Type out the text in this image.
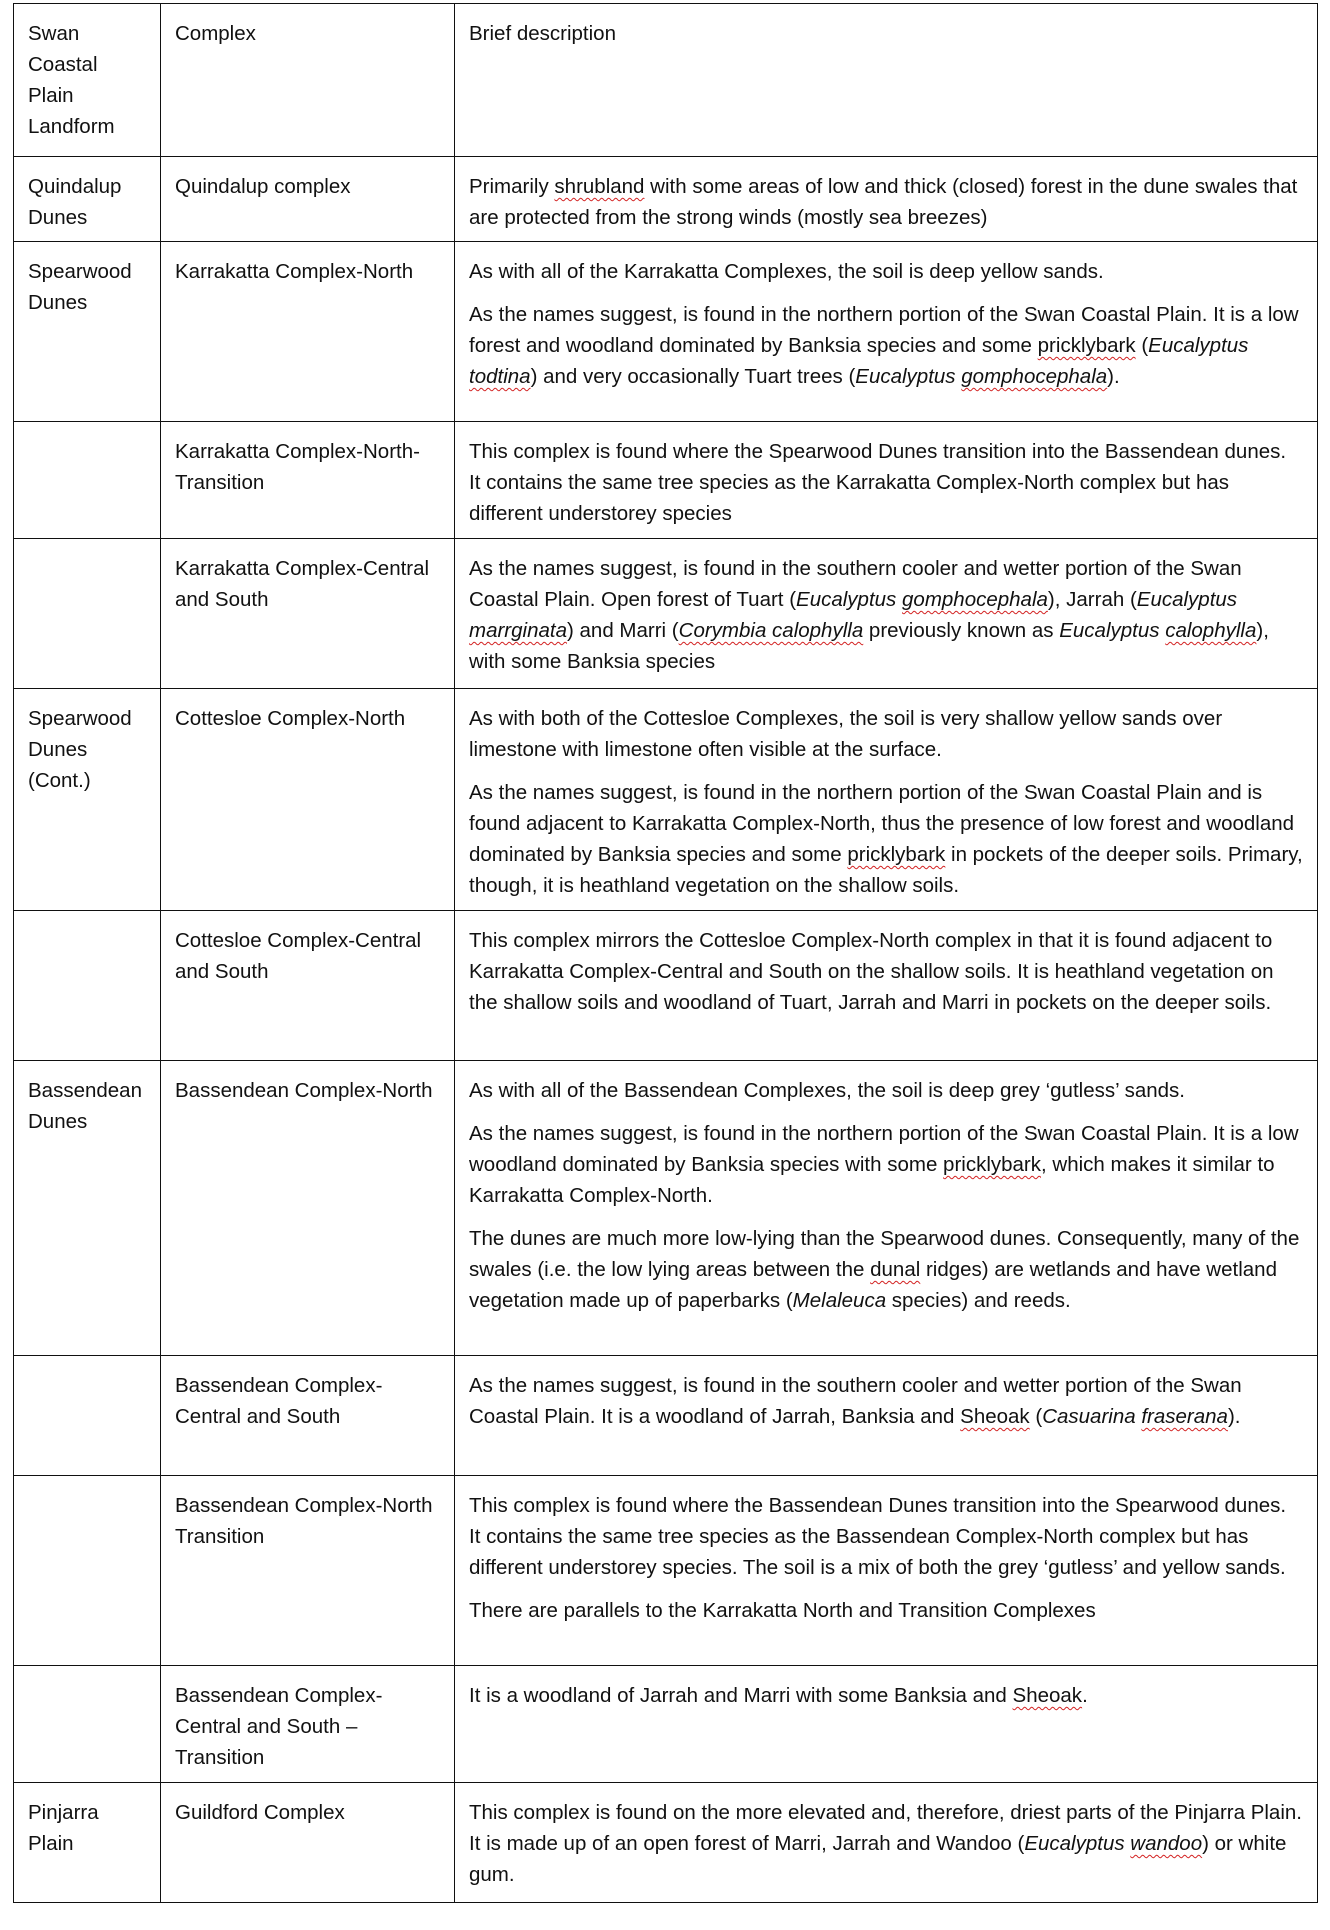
Swan Coastal Plain Landform	Complex	Brief description
Quindalup Dunes	Quindalup complex	Primarily shrubland with some areas of low and thick (closed) forest in the dune swales that are protected from the strong winds (mostly sea breezes)

Spearwood Dunes	Karrakatta Complex-North	As with all of the Karrakatta Complexes, the soil is deep yellow sands.

As the names suggest, is found in the northern portion of the Swan Coastal Plain. It is a low forest and woodland dominated by Banksia species and some pricklybark (Eucalyptus todtina) and very occasionally Tuart trees (Eucalyptus gomphocephala).

	Karrakatta Complex-North-Transition	This complex is found where the Spearwood Dunes transition into the Bassendean dunes. It contains the same tree species as the Karrakatta Complex-North complex but has different understorey species

	Karrakatta Complex-Central and South	As the names suggest, is found in the southern cooler and wetter portion of the Swan Coastal Plain. Open forest of Tuart (Eucalyptus gomphocephala), Jarrah (Eucalyptus marrginata) and Marri (Corymbia calophylla previously known as Eucalyptus calophylla), with some Banksia species

Spearwood Dunes (Cont.)	Cottesloe Complex-North	As with both of the Cottesloe Complexes, the soil is very shallow yellow sands over limestone with limestone often visible at the surface.

As the names suggest, is found in the northern portion of the Swan Coastal Plain and is found adjacent to Karrakatta Complex-North, thus the presence of low forest and woodland dominated by Banksia species and some pricklybark in pockets of the deeper soils. Primary, though, it is heathland vegetation on the shallow soils.

	Cottesloe Complex-Central and South	This complex mirrors the Cottesloe Complex-North complex in that it is found adjacent to Karrakatta Complex-Central and South on the shallow soils. It is heathland vegetation on the shallow soils and woodland of Tuart, Jarrah and Marri in pockets on the deeper soils.

Bassendean Dunes	Bassendean Complex-North	As with all of the Bassendean Complexes, the soil is deep grey ‘gutless’ sands.

As the names suggest, is found in the northern portion of the Swan Coastal Plain. It is a low woodland dominated by Banksia species with some pricklybark, which makes it similar to Karrakatta Complex-North.

The dunes are much more low-lying than the Spearwood dunes. Consequently, many of the swales (i.e. the low lying areas between the dunal ridges) are wetlands and have wetland vegetation made up of paperbarks (Melaleuca species) and reeds.

	Bassendean Complex-Central and South	As the names suggest, is found in the southern cooler and wetter portion of the Swan Coastal Plain. It is a woodland of Jarrah, Banksia and Sheoak (Casuarina fraserana).

	Bassendean Complex-North Transition	This complex is found where the Bassendean Dunes transition into the Spearwood dunes. It contains the same tree species as the Bassendean Complex-North complex but has different understorey species. The soil is a mix of both the grey ‘gutless’ and yellow sands.

There are parallels to the Karrakatta North and Transition Complexes

	Bassendean Complex-Central and South – Transition	It is a woodland of Jarrah and Marri with some Banksia and Sheoak.

Pinjarra Plain	Guildford Complex	This complex is found on the more elevated and, therefore, driest parts of the Pinjarra Plain. It is made up of an open forest of Marri, Jarrah and Wandoo (Eucalyptus wandoo) or white gum.
